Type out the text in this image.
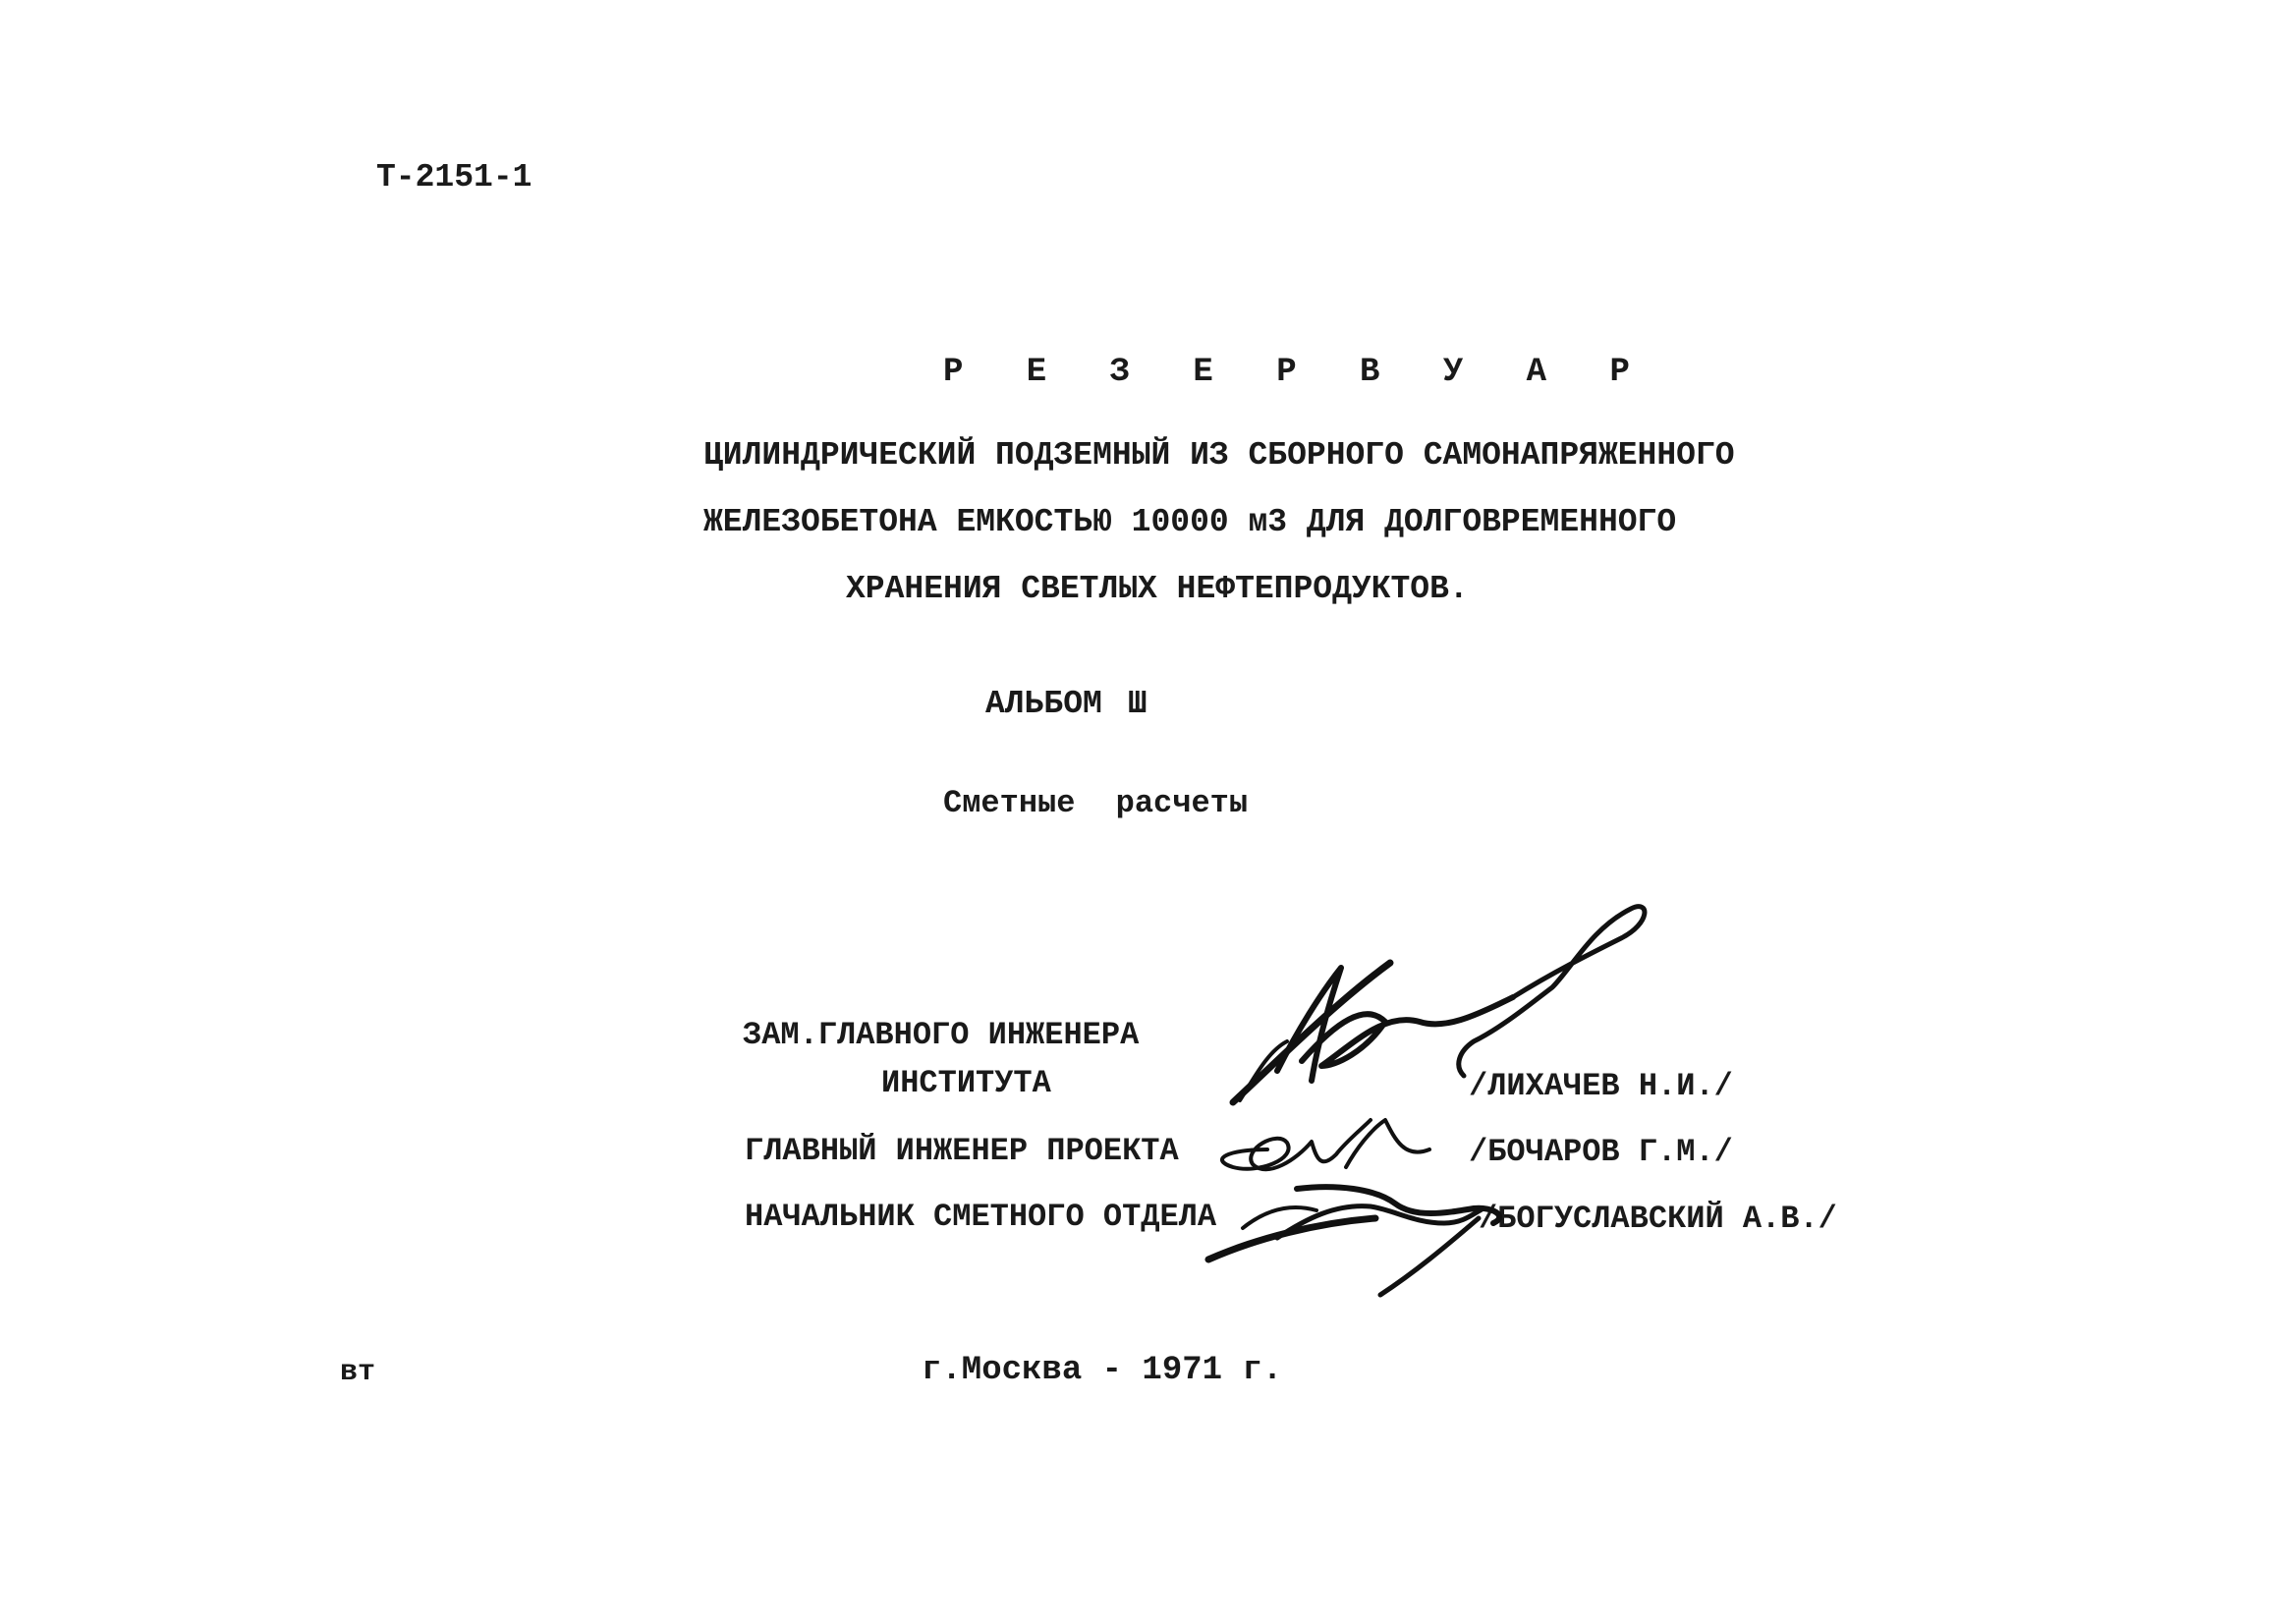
Т-2151-1
Р Е З Е Р В У А Р
ЦИЛИНДРИЧЕСКИЙ ПОДЗЕМНЫЙ ИЗ СБОРНОГО САМОНАПРЯЖЕННОГО
ЖЕЛЕЗОБЕТОНА ЕМКОСТЬЮ 10000 м3 ДЛЯ ДОЛГОВРЕМЕННОГО
ХРАНЕНИЯ СВЕТЛЫХ НЕФТЕПРОДУКТОВ.
АЛЬБОМ Ш
Сметные расчеты
ЗАМ.ГЛАВНОГО ИНЖЕНЕРА
ИНСТИТУТА	/ЛИХАЧЕВ Н.И./
ГЛАВНЫЙ ИНЖЕНЕР ПРОЕКТА	/БОЧАРОВ Г.М./
НАЧАЛЬНИК СМЕТНОГО ОТДЕЛА	/БОГУСЛАВСКИЙ А.В./
вт	г.Москва - 1971 г.
